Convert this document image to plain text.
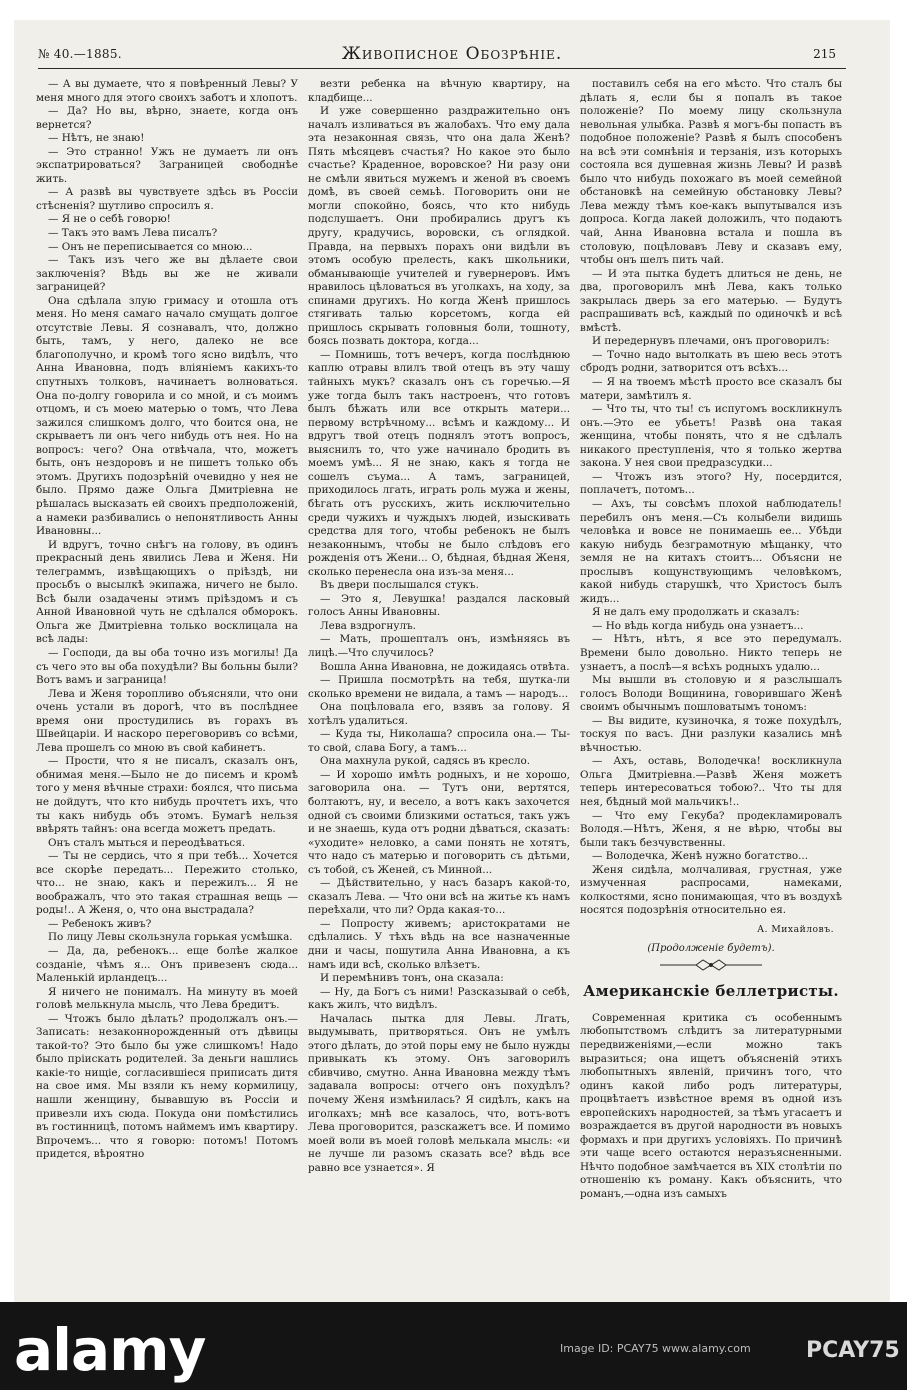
№ 40.—1885.	Живописное Обозрѣніе.	215

— А вы думаете, что я повѣренный Левы? У меня много для этого своихъ заботъ и хлопотъ.

— Да? Но вы, вѣрно, знаете, когда онъ вернется?

— Нѣтъ, не знаю!

— Это странно! Ужъ не думаетъ ли онъ экспатрироваться? Заграницей свободнѣе жить.

— А развѣ вы чувствуете здѣсь въ Россіи стѣсненія? шутливо спросилъ я.

— Я не о себѣ говорю!

— Такъ это вамъ Лева писалъ?

— Онъ не переписывается со мною...

— Такъ изъ чего же вы дѣлаете свои заключенія? Вѣдь вы же не живали заграницей?

Она сдѣлала злую гримасу и отошла отъ меня. Но меня самаго начало смущать долгое отсутствіе Левы. Я сознавалъ, что, должно быть, тамъ, у него, далеко не все благополучно, и кромѣ того ясно видѣлъ, что Анна Ивановна, подъ вліяніемъ какихъ-то спутныхъ толковъ, начинаетъ волноваться. Она по-долгу говорила и со мной, и съ моимъ отцомъ, и съ моею матерью о томъ, что Лева зажился слишкомъ долго, что боится она, не скрываетъ ли онъ чего нибудь отъ нея. Но на вопросъ: чего? Она отвѣчала, что, можетъ быть, онъ нездоровъ и не пишетъ только объ этомъ. Другихъ подозрѣній очевидно у нея не было. Прямо даже Ольга Дмитріевна не рѣшалась высказать ей своихъ предположеній, а намеки разбивались о непонятливость Анны Ивановны...

И вдругъ, точно снѣгъ на голову, въ одинъ прекрасный день явились Лева и Женя. Ни телеграммъ, извѣщающихъ о пріѣздѣ, ни просьбъ о высылкѣ экипажа, ничего не было. Всѣ были озадачены этимъ пріѣздомъ и съ Анной Ивановной чуть не сдѣлался обморокъ. Ольга же Дмитріевна только восклицала на всѣ лады:

— Господи, да вы оба точно изъ могилы! Да съ чего это вы оба похудѣли? Вы больны были? Вотъ вамъ и заграница!

Лева и Женя торопливо объясняли, что они очень устали въ дорогѣ, что въ послѣднее время они простудились въ горахъ въ Швейцаріи. И наскоро переговоривъ со всѣми, Лева прошелъ со мною въ свой кабинетъ.

— Прости, что я не писалъ, сказалъ онъ, обнимая меня.—Было не до писемъ и кромѣ того у меня вѣчные страхи: боялся, что письма не дойдутъ, что кто нибудь прочтетъ ихъ, что ты какъ нибудь объ этомъ. Бумагѣ нельзя ввѣрять тайнъ: она всегда можетъ предать.

Онъ сталъ мыться и переодѣваться.

— Ты не сердись, что я при тебѣ... Хочется все скорѣе передать... Пережито столько, что... не знаю, какъ и пережилъ... Я не воображалъ, что это такая страшная вещь — роды!.. А Женя, о, что она выстрадала?

— Ребенокъ живъ?

По лицу Левы скользнула горькая усмѣшка.

— Да, да, ребенокъ... еще болѣе жалкое созданіе, чѣмъ я... Онъ привезенъ сюда... Маленькій ирландецъ...

Я ничего не понималъ. На минуту въ моей головѣ мелькнула мысль, что Лева бредитъ.

— Чтожъ было дѣлать? продолжалъ онъ.— Записать: незаконнорожденный отъ дѣвицы такой-то? Это было бы уже слишкомъ! Надо было пріискать родителей. За деньги нашлись какіе-то нищіе, согласившіеся приписать дитя на свое имя. Мы взяли къ нему кормилицу, нашли женщину, бывавшую въ Россіи и привезли ихъ сюда. Покуда они помѣстились въ гостинницѣ, потомъ наймемъ имъ квартиру. Впрочемъ... что я говорю: потомъ! Потомъ придется, вѣроятно

везти ребенка на вѣчную квартиру, на кладбище...

И уже совершенно раздражительно онъ началъ изливаться въ жалобахъ. Что ему дала эта незаконная связь, что она дала Женѣ? Пять мѣсяцевъ счастья? Но какое это было счастье? Краденное, воровское? Ни разу они не смѣли явиться мужемъ и женой въ своемъ домѣ, въ своей семьѣ. Поговорить они не могли спокойно, боясь, что кто нибудь подслушаетъ. Они пробирались другъ къ другу, крадучись, воровски, съ оглядкой. Правда, на первыхъ порахъ они видѣли въ этомъ особую прелесть, какъ школьники, обманывающіе учителей и гувернеровъ. Имъ нравилось цѣловаться въ уголкахъ, на ходу, за спинами другихъ. Но когда Женѣ пришлось стягивать талью корсетомъ, когда ей пришлось скрывать головныя боли, тошноту, боясь позвать доктора, когда...

— Помнишь, тотъ вечеръ, когда послѣднюю каплю отравы влилъ твой отецъ въ эту чашу тайныхъ мукъ? сказалъ онъ съ горечью.—Я уже тогда былъ такъ настроенъ, что готовъ былъ бѣжать или все открыть матери... первому встрѣчному... всѣмъ и каждому... И вдругъ твой отецъ поднялъ этотъ вопросъ, выяснилъ то, что уже начинало бродить въ моемъ умѣ... Я не знаю, какъ я тогда не сошелъ съума... А тамъ, заграницей, приходилось лгать, играть роль мужа и жены, бѣгать отъ русскихъ, жить исключительно среди чужихъ и чуждыхъ людей, изыскивать средства для того, чтобы ребенокъ не былъ незаконнымъ, чтобы не было слѣдовъ его рожденія отъ Жени... О, бѣдная, бѣдная Женя, сколько перенесла она изъ-за меня...

Въ двери послышался стукъ.

— Это я, Левушка! раздался ласковый голосъ Анны Ивановны.

Лева вздрогнулъ.

— Мать, прошепталъ онъ, измѣняясь въ лицѣ.—Что случилось?

Вошла Анна Ивановна, не дожидаясь отвѣта.

— Пришла посмотрѣть на тебя, шутка-ли сколько времени не видала, а тамъ — народъ...

Она поцѣловала его, взявъ за голову. Я хотѣлъ удалиться.

— Куда ты, Николаша? спросила она.— Ты-то свой, слава Богу, а тамъ...

Она махнула рукой, садясь въ кресло.

— И хорошо имѣть родныхъ, и не хорошо, заговорила она. — Тутъ они, вертятся, болтаютъ, ну, и весело, а вотъ какъ захочется одной съ своими близкими остаться, такъ ужъ и не знаешь, куда отъ родни дѣваться, сказать: «уходите» неловко, а сами понять не хотятъ, что надо съ матерью и поговорить съ дѣтьми, съ тобой, съ Женей, съ Минной...

— Дѣйствительно, у насъ базаръ какой-то, сказалъ Лева. — Что они всѣ на житье къ намъ переѣхали, что ли? Орда какая-то...

— Попросту живемъ; аристократами не сдѣлались. У тѣхъ вѣдь на все назначенные дни и часы, пошутила Анна Ивановна, а къ намъ иди всѣ, сколько влѣзетъ.

И перемѣнивъ тонъ, она сказала:

— Ну, да Богъ съ ними! Разсказывай о себѣ, какъ жилъ, что видѣлъ.

Началась пытка для Левы. Лгать, выдумывать, притворяться. Онъ не умѣлъ этого дѣлать, до этой поры ему не было нужды привыкать къ этому. Онъ заговорилъ сбивчиво, смутно. Анна Ивановна между тѣмъ задавала вопросы: отчего онъ похудѣлъ? почему Женя измѣнилась? Я сидѣлъ, какъ на иголкахъ; мнѣ все казалось, что, вотъ-вотъ Лева проговорится, разскажетъ все. И помимо моей воли въ моей головѣ мелькала мысль: «и не лучше ли разомъ сказать все? вѣдь все равно все узнается». Я

поставилъ себя на его мѣсто. Что сталъ бы дѣлать я, если бы я попалъ въ такое положеніе? По моему лицу скользнула невольная улыбка. Развѣ я могъ-бы попасть въ подобное положеніе? Развѣ я былъ способенъ на всѣ эти сомнѣнія и терзанія, изъ которыхъ состояла вся душевная жизнь Левы? И развѣ было что нибудь похожаго въ моей семейной обстановкѣ на семейную обстановку Левы? Лева между тѣмъ кое-какъ выпутывался изъ допроса. Когда лакей доложилъ, что подаютъ чай, Анна Ивановна встала и пошла въ столовую, поцѣловавъ Леву и сказавъ ему, чтобы онъ шелъ пить чай.

— И эта пытка будетъ длиться не день, не два, проговорилъ мнѣ Лева, какъ только закрылась дверь за его матерью. — Будутъ распрашивать всѣ, каждый по одиночкѣ и всѣ вмѣстѣ.

И передернувъ плечами, онъ проговорилъ:

— Точно надо вытолкать въ шею весь этотъ сбродъ родни, затворится отъ всѣхъ...

— Я на твоемъ мѣстѣ просто все сказалъ бы матери, замѣтилъ я.

— Что ты, что ты! съ испугомъ воскликнулъ онъ.—Это ее убьетъ! Развѣ она такая женщина, чтобы понять, что я не сдѣлалъ никакого преступленія, что я только жертва закона. У нея свои предразсудки...

— Чтожъ изъ этого? Ну, посердится, поплачетъ, потомъ...

— Ахъ, ты совсѣмъ плохой наблюдатель! перебилъ онъ меня.—Съ колыбели видишь человѣка и вовсе не понимаешь ее... Убѣди какую нибудь безграмотную мѣщанку, что земля не на китахъ стоитъ... Объясни не прослывъ кощунствующимъ человѣкомъ, какой нибудь старушкѣ, что Христосъ былъ жидъ...

Я не далъ ему продолжать и сказалъ:

— Но вѣдь когда нибудь она узнаетъ...

— Нѣтъ, нѣтъ, я все это передумалъ. Времени было довольно. Никто теперь не узнаетъ, а послѣ—я всѣхъ родныхъ удалю...

Мы вышли въ столовую и я разслышалъ голосъ Володи Вощинина, говорившаго Женѣ своимъ обычнымъ пошловатымъ тономъ:

— Вы видите, кузиночка, я тоже похудѣлъ, тоскуя по васъ. Дни разлуки казались мнѣ вѣчностью.

— Ахъ, оставь, Володечка! воскликнула Ольга Дмитріевна.—Развѣ Женя можетъ теперь интересоваться тобою?.. Что ты для нея, бѣдный мой мальчикъ!..

— Что ему Гекуба? продекламировалъ Володя.—Нѣтъ, Женя, я не вѣрю, чтобы вы были такъ безчувственны.

— Володечка, Женѣ нужно богатство...

Женя сидѣла, молчаливая, грустная, уже измученная распросами, намеками, колкостями, ясно понимающая, что въ воздухѣ носятся подозрѣнія относительно ея.

А. Михайловъ.
(Продолженіе будетъ).
Американскіе беллетристы.

Современная критика съ особеннымъ любопытствомъ слѣдитъ за литературными передвиженіями,—если можно такъ выразиться; она ищетъ объясненій этихъ любопытныхъ явленій, причинъ того, что одинъ какой либо родъ литературы, процвѣтаетъ извѣстное время въ одной изъ европейскихъ народностей, за тѣмъ угасаетъ и возраждается въ другой народности въ новыхъ формахъ и при другихъ условіяхъ. По причинѣ эти чаще всего остаются неразъясненными. Нѣчто подобное замѣчается въ XIX столѣтіи по отношенію къ роману. Какъ объяснить, что романъ,—одна изъ самыхъ

alamy	Image ID: PCAY75 www.alamy.com	PCAY75
